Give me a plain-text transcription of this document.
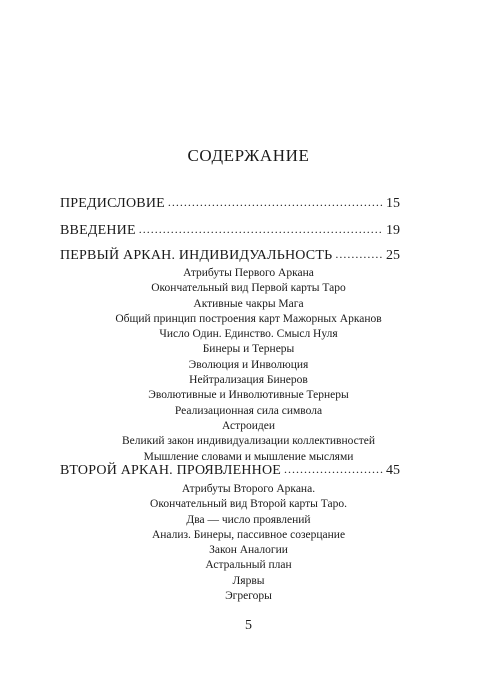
СОДЕРЖАНИЕ
ПРЕДИСЛОВИЕ .....	15
ВВЕДЕНИЕ .....	19
ПЕРВЫЙ АРКАН. ИНДИВИДУАЛЬНОСТЬ .....	25
Атрибуты Первого Аркана
Окончательный вид Первой карты Таро
Активные чакры Мага
Общий принцип построения карт Мажорных Арканов
Число Один. Единство. Смысл Нуля
Бинеры и Тернеры
Эволюция и Инволюция
Нейтрализация Бинеров
Эволютивные и Инволютивные Тернеры
Реализационная сила символа
Астроидеи
Великий закон индивидуализации коллективностей
Мышление словами и мышление мыслями
ВТОРОЙ АРКАН. ПРОЯВЛЕННОЕ .....	45
Атрибуты Второго Аркана.
Окончательный вид Второй карты Таро.
Два — число проявлений
Анализ. Бинеры, пассивное созерцание
Закон Аналогии
Астральный план
Лярвы
Эгрегоры
5
